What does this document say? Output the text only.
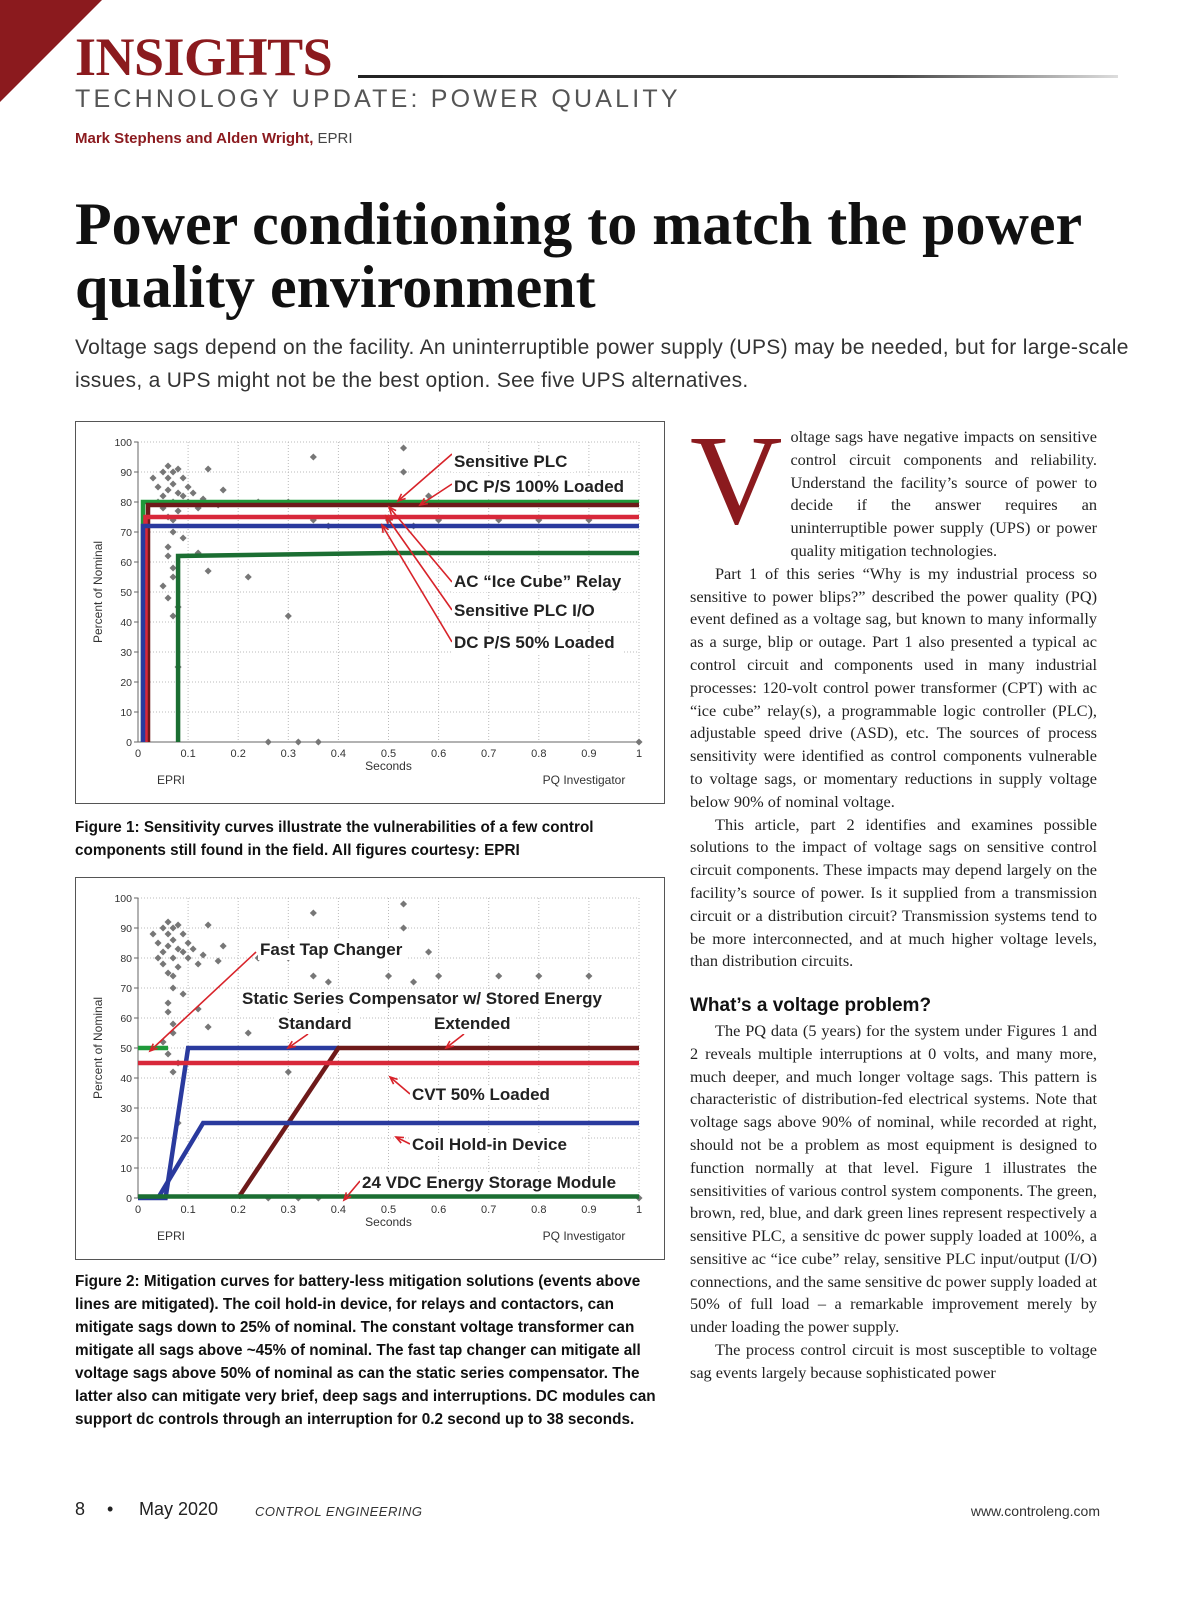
INSIGHTS
TECHNOLOGY UPDATE: POWER QUALITY
Mark Stephens and Alden Wright, EPRI
Power conditioning to match the power quality environment
Voltage sags depend on the facility. An uninterruptible power supply (UPS) may be needed, but for large-scale issues, a UPS might not be the best option. See five UPS alternatives.
0
10
20
30
40
50
60
70
80
90
100
0	0.1	0.2	0.3	0.4	0.5	0.6	0.7	0.8	0.9	1
Seconds
Percent of Nominal
EPRI	PQ Investigator
Sensitive PLC
DC P/S 100% Loaded
AC “Ice Cube” Relay
Sensitive PLC I/O
DC P/S 50% Loaded
Figure 1: Sensitivity curves illustrate the vulnerabilities of a few control components still found in the field. All figures courtesy: EPRI
0
10
20
30
40
50
60
70
80
90
100
0	0.1	0.2	0.3	0.4	0.5	0.6	0.7	0.8	0.9	1
Seconds
Percent of Nominal
EPRI	PQ Investigator
Fast Tap Changer
Static Series Compensator w/ Stored Energy
Standard	Extended
CVT 50% Loaded
Coil Hold-in Device
24 VDC Energy Storage Module
Figure 2: Mitigation curves for battery-less mitigation solutions (events above lines are mitigated). The coil hold-in device, for relays and contactors, can mitigate sags down to 25% of nominal. The constant voltage transformer can mitigate all sags above ~45% of nominal. The fast tap changer can mitigate all voltage sags above 50% of nominal as can the static series compensator. The latter also can mitigate very brief, deep sags and interruptions. DC modules can support dc controls through an interruption for 0.2 second up to 38 seconds.

Voltage sags have negative impacts on sensitive control circuit components and reliability. Understand the facility’s source of power to decide if the answer requires an uninterruptible power supply (UPS) or power quality mitigation technologies.

Part 1 of this series “Why is my industrial process so sensitive to power blips?” described the power quality (PQ) event defined as a voltage sag, but known to many informally as a surge, blip or outage. Part 1 also presented a typical ac control circuit and components used in many industrial processes: 120-volt control power transformer (CPT) with ac “ice cube” relay(s), a programmable logic controller (PLC), adjustable speed drive (ASD), etc. The sources of process sensitivity were identified as control components vulnerable to voltage sags, or momentary reductions in supply voltage below 90% of nominal voltage.

This article, part 2 identifies and examines possible solutions to the impact of voltage sags on sensitive control circuit components. These impacts may depend largely on the facility’s source of power. Is it supplied from a transmission circuit or a distribution circuit? Transmission systems tend to be more interconnected, and at much higher voltage levels, than distribution circuits.

What’s a voltage problem?

The PQ data (5 years) for the system under Figures 1 and 2 reveals multiple interruptions at 0 volts, and many more, much deeper, and much longer voltage sags. This pattern is characteristic of distribution-fed electrical systems. Note that voltage sags above 90% of nominal, while recorded at right, should not be a problem as most equipment is designed to function normally at that level. Figure 1 illustrates the sensitivities of various control system components. The green, brown, red, blue, and dark green lines represent respectively a sensitive PLC, a sensitive dc power supply loaded at 100%, a sensitive ac “ice cube” relay, sensitive PLC input/output (I/O) connections, and the same sensitive dc power supply loaded at 50% of full load – a remarkable improvement merely by under loading the power supply.

The process control circuit is most susceptible to voltage sag events largely because sophisticated power

8 • May 2020	CONTROL ENGINEERING	www.controleng.com
